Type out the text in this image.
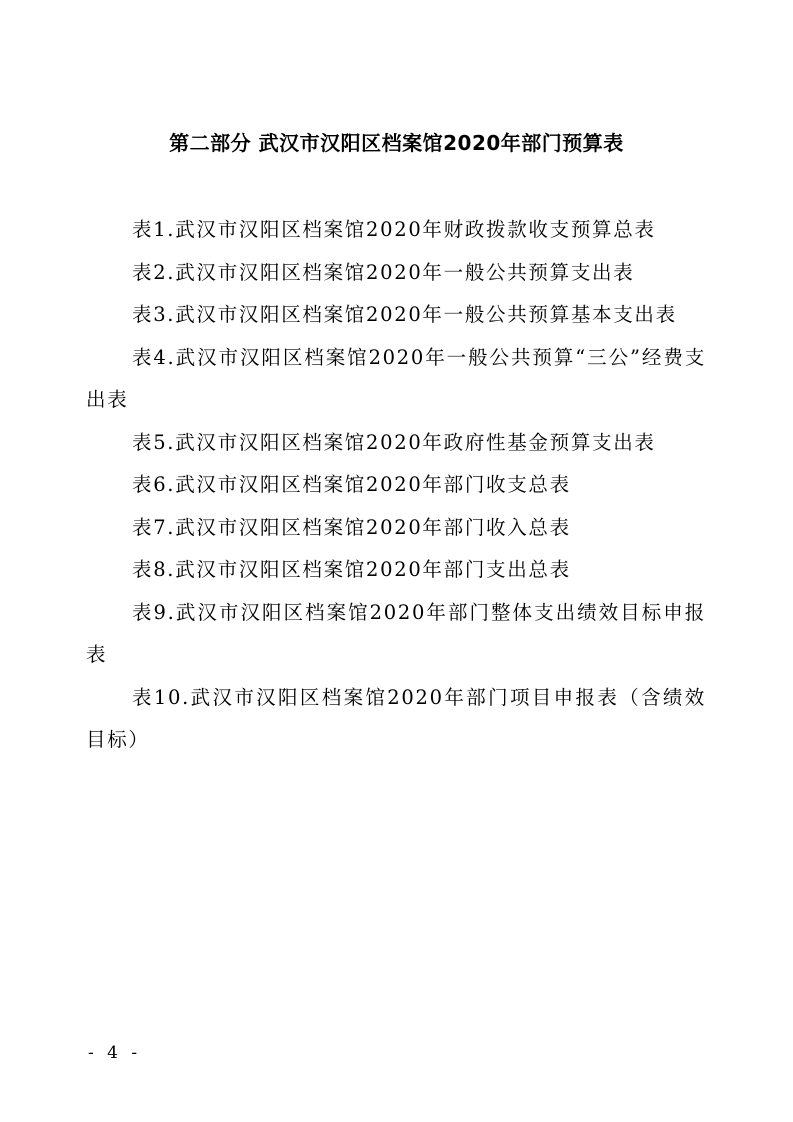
第二部分 武汉市汉阳区档案馆2020年部门预算表
表1.武汉市汉阳区档案馆2020年财政拨款收支预算总表
表2.武汉市汉阳区档案馆2020年一般公共预算支出表
表3.武汉市汉阳区档案馆2020年一般公共预算基本支出表
表4.武汉市汉阳区档案馆2020年一般公共预算“三公”经费支出表
表5.武汉市汉阳区档案馆2020年政府性基金预算支出表
表6.武汉市汉阳区档案馆2020年部门收支总表
表7.武汉市汉阳区档案馆2020年部门收入总表
表8.武汉市汉阳区档案馆2020年部门支出总表
表9.武汉市汉阳区档案馆2020年部门整体支出绩效目标申报表
表10.武汉市汉阳区档案馆2020年部门项目申报表（含绩效目标）
- 4 -
